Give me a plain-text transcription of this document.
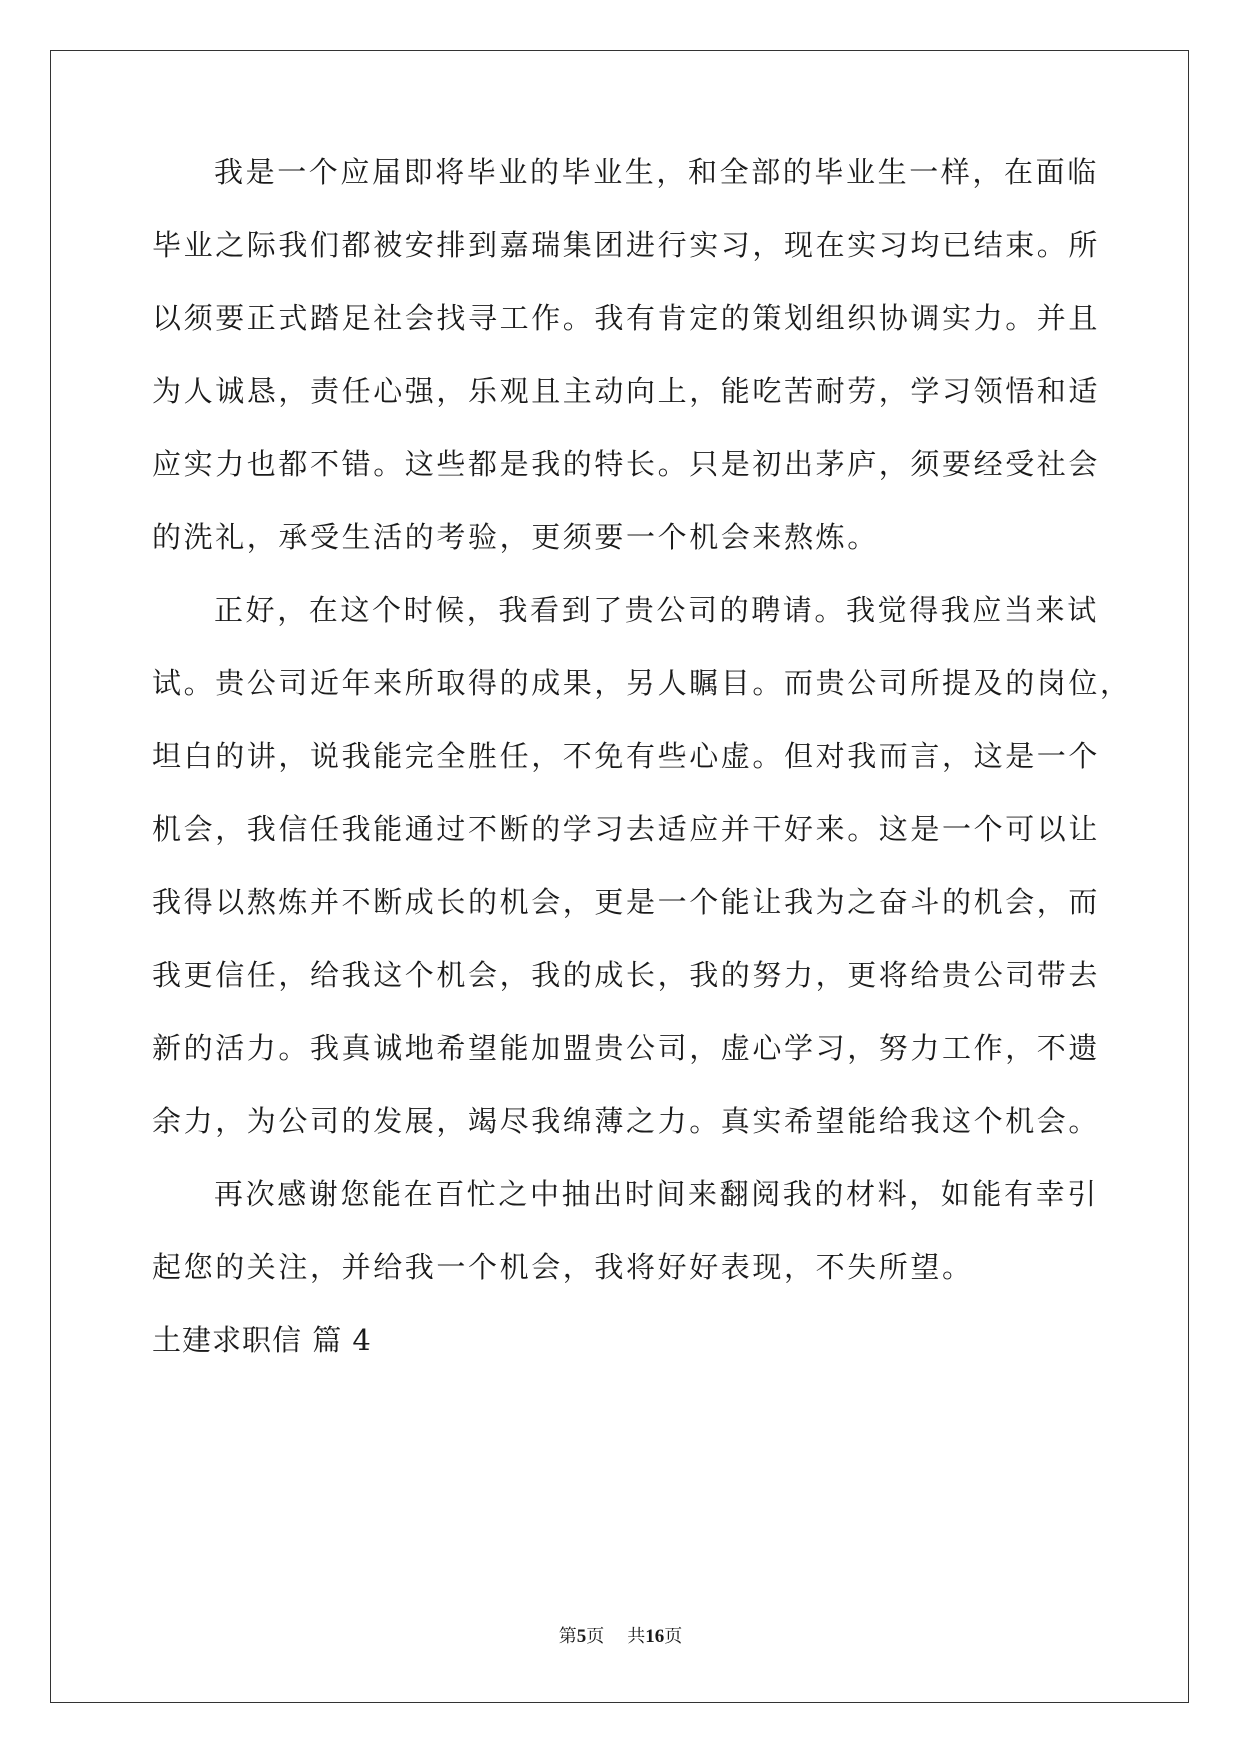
我是一个应届即将毕业的毕业生，和全部的毕业生一样，在面临
毕业之际我们都被安排到嘉瑞集团进行实习，现在实习均已结束。所
以须要正式踏足社会找寻工作。我有肯定的策划组织协调实力。并且
为人诚恳，责任心强，乐观且主动向上，能吃苦耐劳，学习领悟和适
应实力也都不错。这些都是我的特长。只是初出茅庐，须要经受社会
的洗礼，承受生活的考验，更须要一个机会来熬炼。
正好，在这个时候，我看到了贵公司的聘请。我觉得我应当来试
试。贵公司近年来所取得的成果，另人瞩目。而贵公司所提及的岗位，
坦白的讲，说我能完全胜任，不免有些心虚。但对我而言，这是一个
机会，我信任我能通过不断的学习去适应并干好来。这是一个可以让
我得以熬炼并不断成长的机会，更是一个能让我为之奋斗的机会，而
我更信任，给我这个机会，我的成长，我的努力，更将给贵公司带去
新的活力。我真诚地希望能加盟贵公司，虚心学习，努力工作，不遗
余力，为公司的发展，竭尽我绵薄之力。真实希望能给我这个机会。
再次感谢您能在百忙之中抽出时间来翻阅我的材料，如能有幸引
起您的关注，并给我一个机会，我将好好表现，不失所望。
土建求职信 篇 4
第5页 共16页
